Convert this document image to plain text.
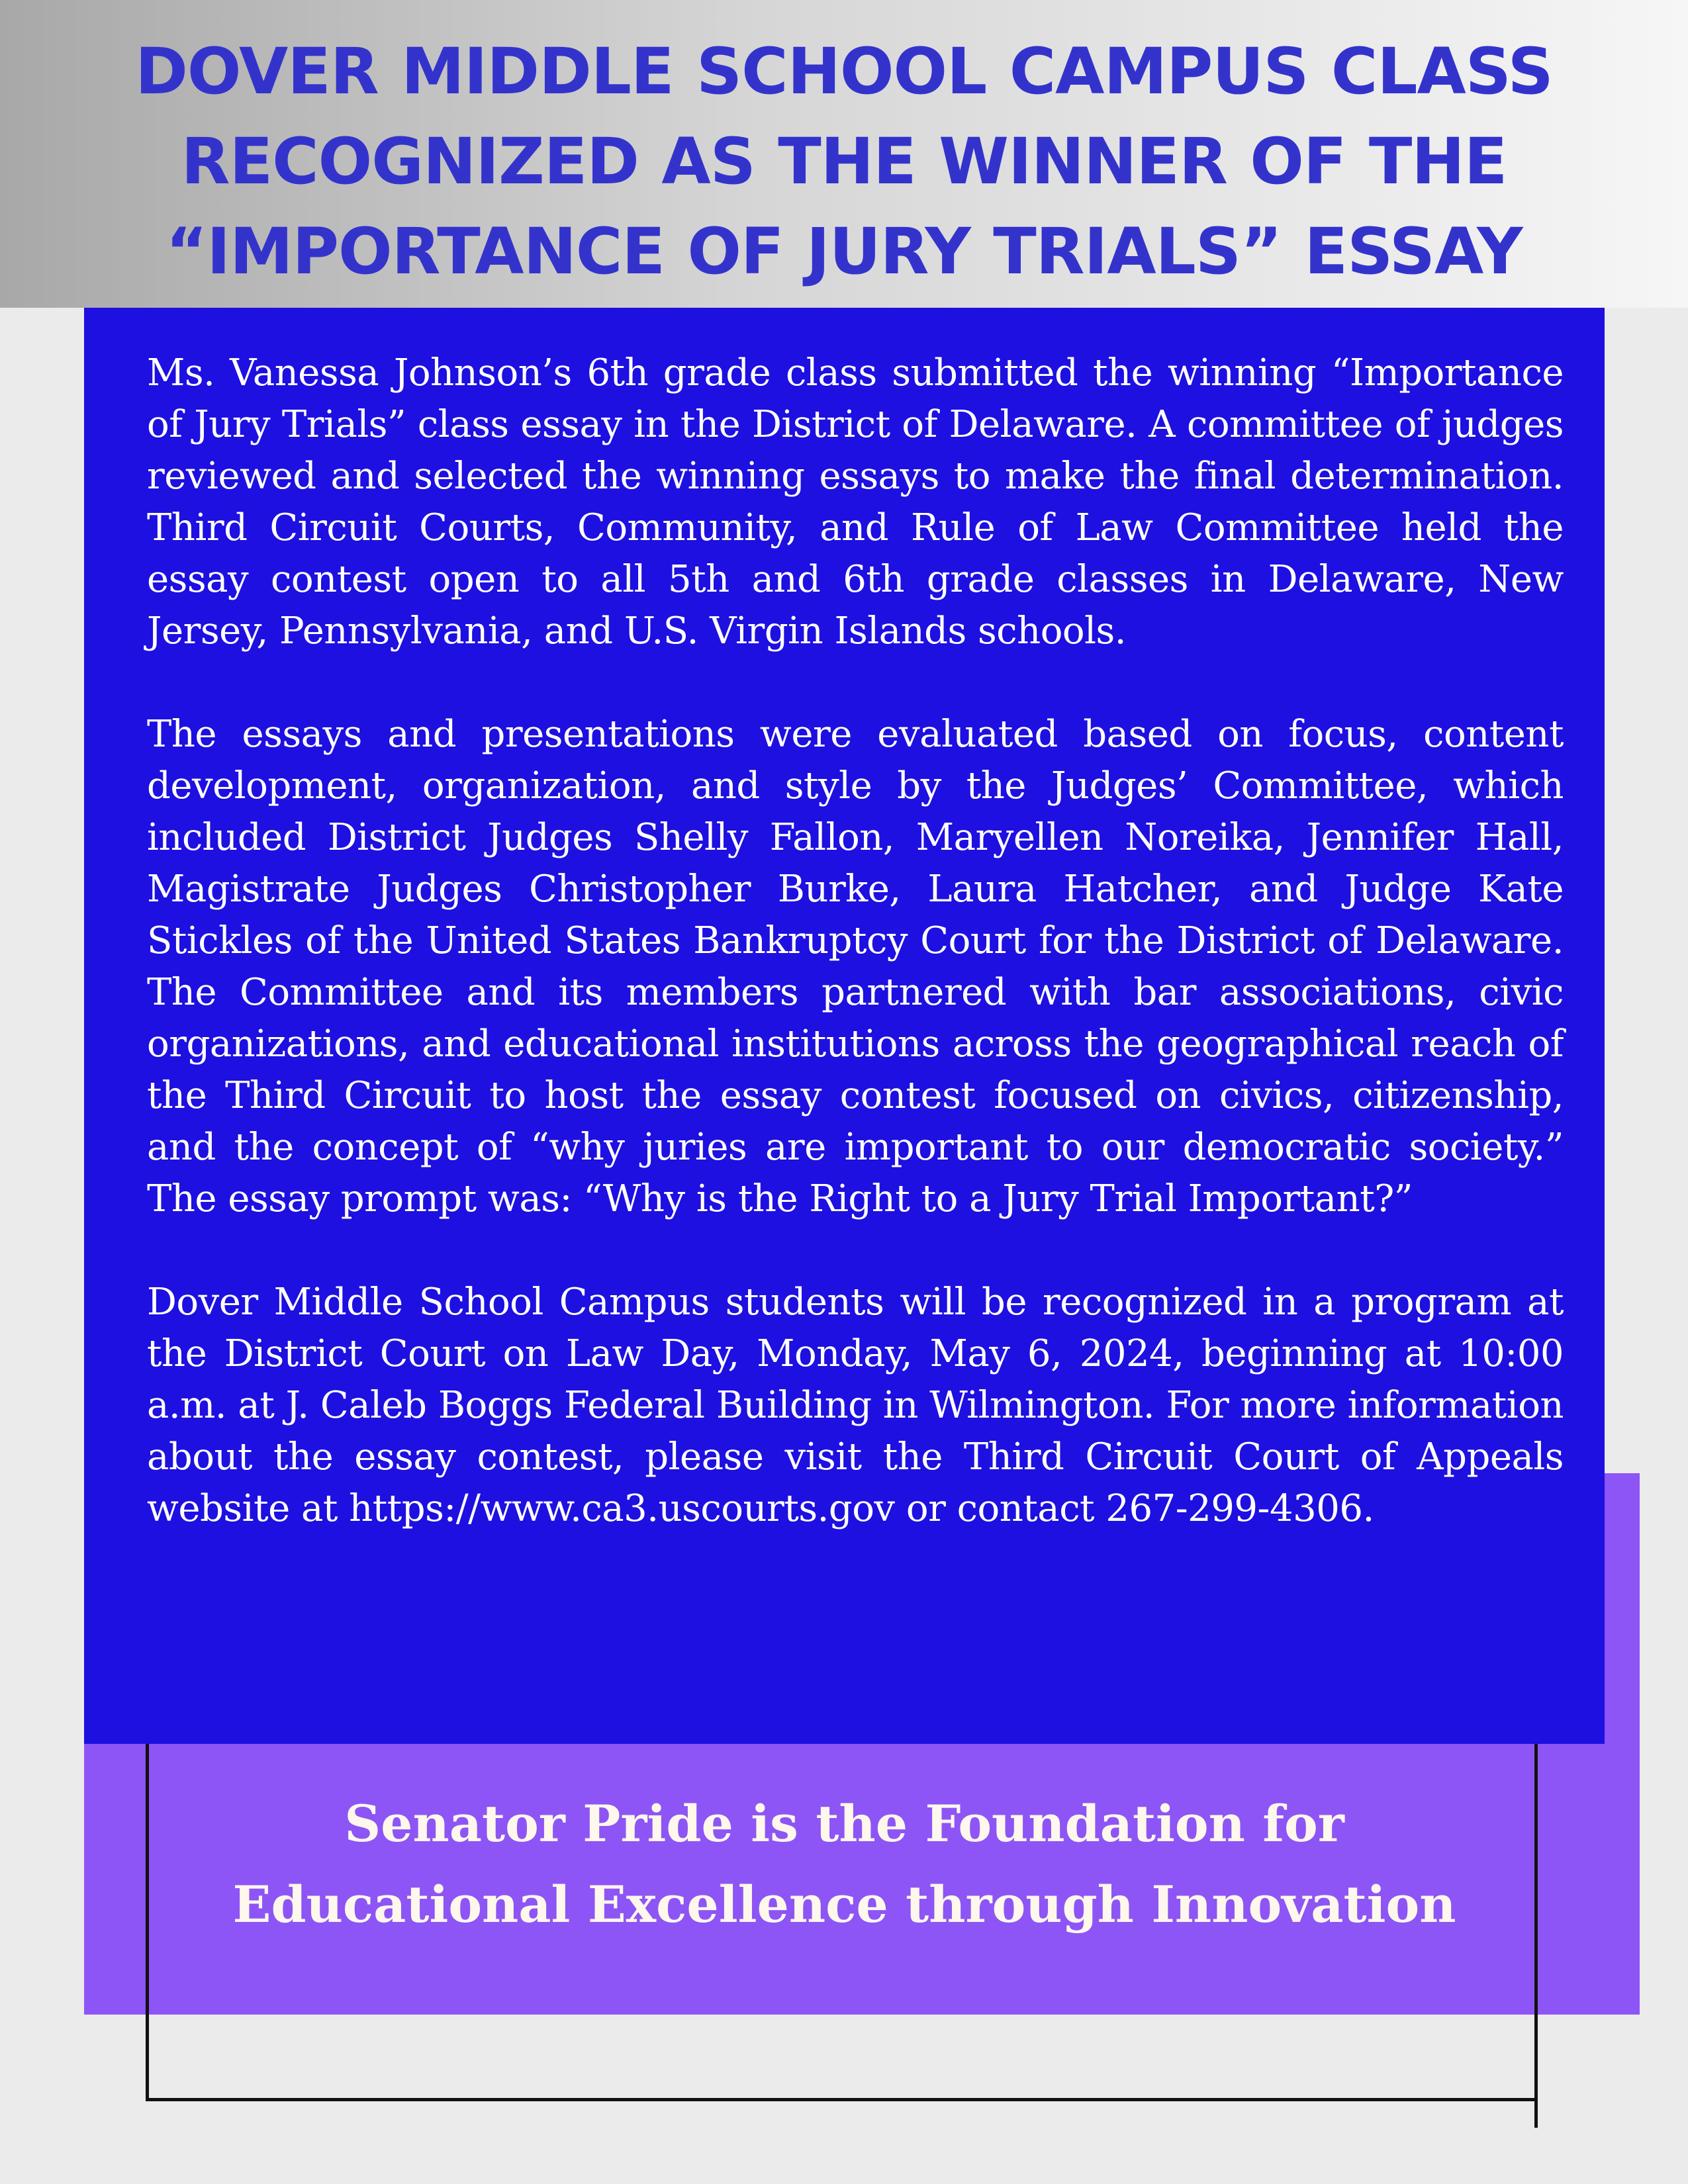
DOVER MIDDLE SCHOOL CAMPUS CLASS
RECOGNIZED AS THE WINNER OF THE
“IMPORTANCE OF JURY TRIALS” ESSAY

Ms. Vanessa Johnson’s 6th grade class submitted the winning “Importance of Jury Trials” class essay in the District of Delaware. A committee of judges reviewed and selected the winning essays to make the final determination. Third Circuit Courts, Community, and Rule of Law Committee held the essay contest open to all 5th and 6th grade classes in Delaware, New Jersey, Pennsylvania, and U.S. Virgin Islands schools.

The essays and presentations were evaluated based on focus, content development, organization, and style by the Judges’ Committee, which included District Judges Shelly Fallon, Maryellen Noreika, Jennifer Hall, Magistrate Judges Christopher Burke, Laura Hatcher, and Judge Kate Stickles of the United States Bankruptcy Court for the District of Delaware. The Committee and its members partnered with bar associations, civic organizations, and educational institutions across the geographical reach of the Third Circuit to host the essay contest focused on civics, citizenship, and the concept of “why juries are important to our democratic society.” The essay prompt was: “Why is the Right to a Jury Trial Important?”

Dover Middle School Campus students will be recognized in a program at the District Court on Law Day, Monday, May 6, 2024, beginning at 10:00 a.m. at J. Caleb Boggs Federal Building in Wilmington. For more information about the essay contest, please visit the Third Circuit Court of Appeals website at https://www.ca3.uscourts.gov or contact 267-299-4306.

Senator Pride is the Foundation for
Educational Excellence through Innovation
